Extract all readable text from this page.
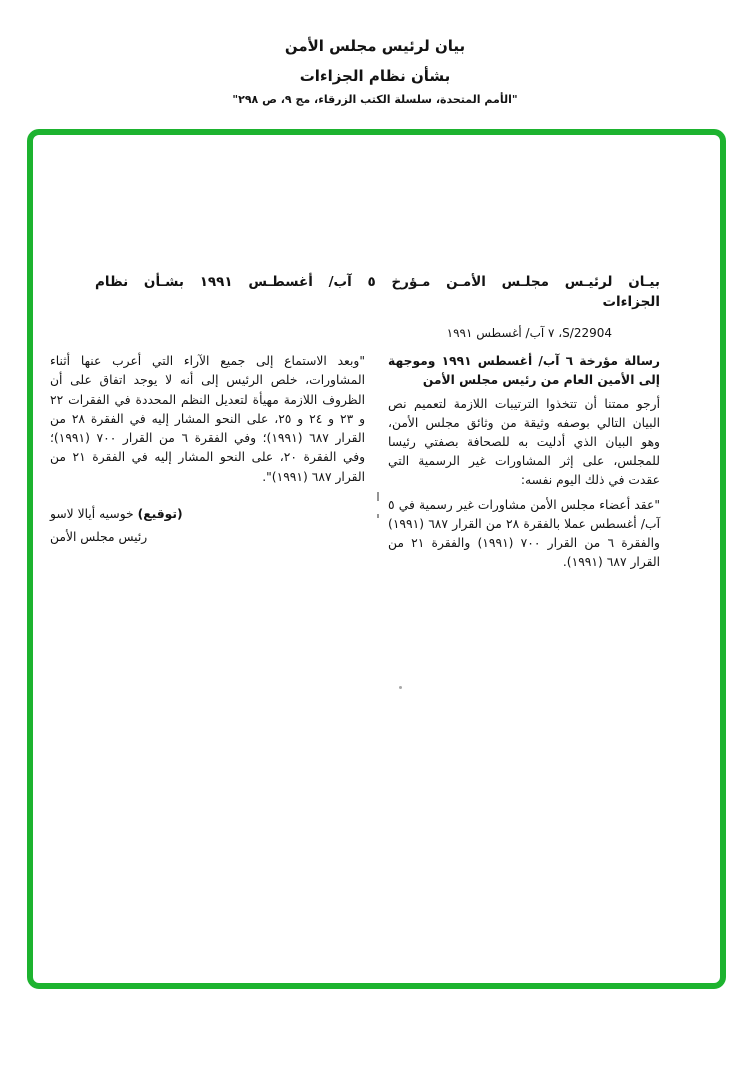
بيان لرئيس مجلس الأمن
بشأن نظام الجزاءات
"الأمم المتحدة، سلسلة الكتب الزرقاء، مج ٩، ص ٢٩٨"
بيـان لرئيـس مجلـس الأمـن مـؤرخ ٥ آب/ أغسطـس ١٩٩١ بشـأن نظام
الجزاءات
S/22904، ٧ آب/ أغسطس ١٩٩١

رسالة مؤرخة ٦ آب/ أغسطس ١٩٩١ وموجهة إلى الأمين العام من رئيس مجلس الأمن

أرجو ممتنا أن تتخذوا الترتيبات اللازمة لتعميم نص البيان التالي بوصفه وثيقة من وثائق مجلس الأمن، وهو البيان الذي أدليت به للصحافة بصفتي رئيسا للمجلس، على إثر المشاورات غير الرسمية التي عقدت في ذلك اليوم نفسه:

"عقد أعضاء مجلس الأمن مشاورات غير رسمية في ٥ آب/ أغسطس عملا بالفقرة ٢٨ من القرار ٦٨٧ (١٩٩١) والفقرة ٦ من القرار ٧٠٠ (١٩٩١) والفقرة ٢١ من القرار ٦٨٧ (١٩٩١).

"وبعد الاستماع إلى جميع الآراء التي أعرب عنها أثناء المشاورات، خلص الرئيس إلى أنه لا يوجد اتفاق على أن الظروف اللازمة مهيأة لتعديل النظم المحددة في الفقرات ٢٢ و ٢٣ و ٢٤ و ٢٥، على النحو المشار إليه في الفقرة ٢٨ من القرار ٦٨٧ (١٩٩١)؛ وفي الفقرة ٦ من القرار ٧٠٠ (١٩٩١)؛ وفي الفقرة ٢٠، على النحو المشار إليه في الفقرة ٢١ من القرار ٦٨٧ (١٩٩١)".

(توقيع) خوسيه أيالا لاسو
رئيس مجلس الأمن
